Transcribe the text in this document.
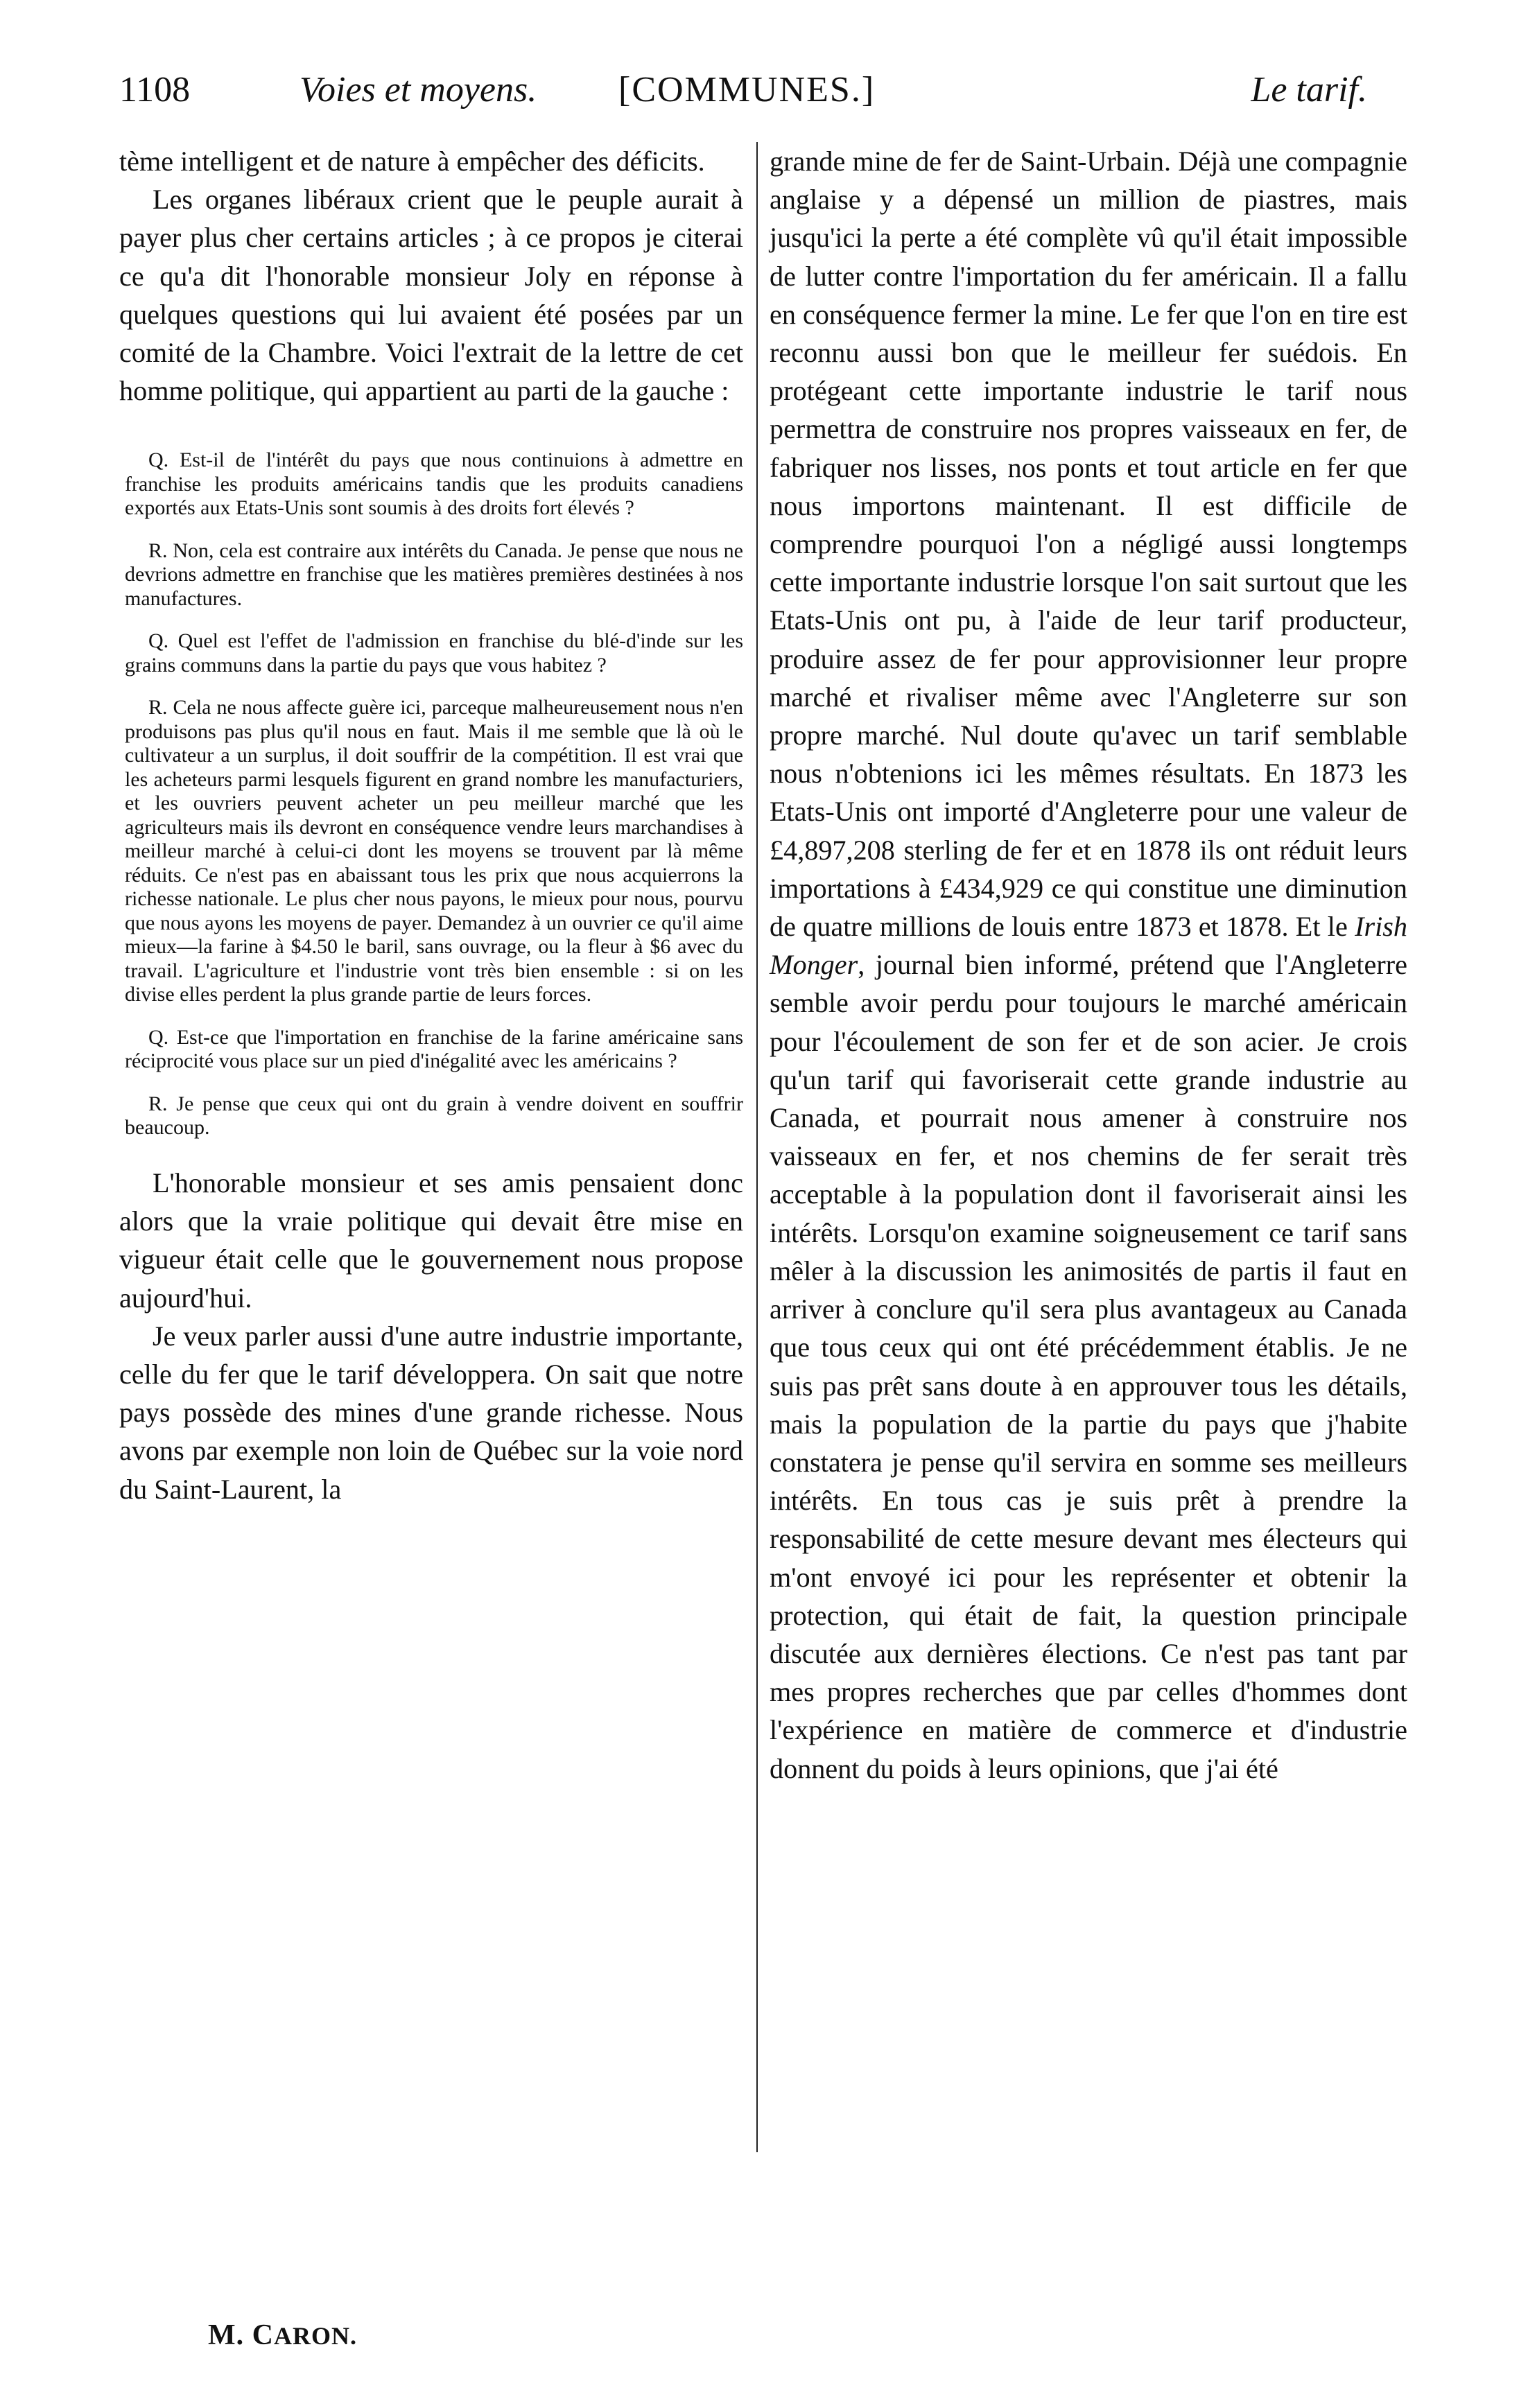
1108	Voies et moyens. [COMMUNES.]	Le tarif.

tème intelligent et de nature à empêcher des déficits.

Les organes libéraux crient que le peuple aurait à payer plus cher certains articles ; à ce propos je citerai ce qu'a dit l'honorable monsieur Joly en réponse à quelques questions qui lui avaient été posées par un comité de la Chambre. Voici l'extrait de la lettre de cet homme politique, qui appartient au parti de la gauche :

Q. Est-il de l'intérêt du pays que nous continuions à admettre en franchise les produits américains tandis que les produits canadiens exportés aux Etats-Unis sont soumis à des droits fort élevés ?

R. Non, cela est contraire aux intérêts du Canada. Je pense que nous ne devrions admettre en franchise que les matières premières destinées à nos manufactures.

Q. Quel est l'effet de l'admission en franchise du blé-d'inde sur les grains communs dans la partie du pays que vous habitez ?

R. Cela ne nous affecte guère ici, parceque malheureusement nous n'en produisons pas plus qu'il nous en faut. Mais il me semble que là où le cultivateur a un surplus, il doit souffrir de la compétition. Il est vrai que les acheteurs parmi lesquels figurent en grand nombre les manufacturiers, et les ouvriers peuvent acheter un peu meilleur marché que les agriculteurs mais ils devront en conséquence vendre leurs marchandises à meilleur marché à celui-ci dont les moyens se trouvent par là même réduits. Ce n'est pas en abaissant tous les prix que nous acquierrons la richesse nationale. Le plus cher nous payons, le mieux pour nous, pourvu que nous ayons les moyens de payer. Demandez à un ouvrier ce qu'il aime mieux—la farine à $4.50 le baril, sans ouvrage, ou la fleur à $6 avec du travail. L'agriculture et l'industrie vont très bien ensemble : si on les divise elles perdent la plus grande partie de leurs forces.

Q. Est-ce que l'importation en franchise de la farine américaine sans réciprocité vous place sur un pied d'inégalité avec les américains ?

R. Je pense que ceux qui ont du grain à vendre doivent en souffrir beaucoup.

L'honorable monsieur et ses amis pensaient donc alors que la vraie politique qui devait être mise en vigueur était celle que le gouvernement nous propose aujourd'hui.

Je veux parler aussi d'une autre industrie importante, celle du fer que le tarif développera. On sait que notre pays possède des mines d'une grande richesse. Nous avons par exemple non loin de Québec sur la voie nord du Saint-Laurent, la

grande mine de fer de Saint-Urbain. Déjà une compagnie anglaise y a dépensé un million de piastres, mais jusqu'ici la perte a été complète vû qu'il était impossible de lutter contre l'importation du fer américain. Il a fallu en conséquence fermer la mine. Le fer que l'on en tire est reconnu aussi bon que le meilleur fer suédois. En protégeant cette importante industrie le tarif nous permettra de construire nos propres vaisseaux en fer, de fabriquer nos lisses, nos ponts et tout article en fer que nous importons maintenant. Il est difficile de comprendre pourquoi l'on a négligé aussi longtemps cette importante industrie lorsque l'on sait surtout que les Etats-Unis ont pu, à l'aide de leur tarif producteur, produire assez de fer pour approvisionner leur propre marché et rivaliser même avec l'Angleterre sur son propre marché. Nul doute qu'avec un tarif semblable nous n'obtenions ici les mêmes résultats. En 1873 les Etats-Unis ont importé d'Angleterre pour une valeur de £4,897,208 sterling de fer et en 1878 ils ont réduit leurs importations à £434,929 ce qui constitue une diminution de quatre millions de louis entre 1873 et 1878. Et le Irish Monger, journal bien informé, prétend que l'Angleterre semble avoir perdu pour toujours le marché américain pour l'écoulement de son fer et de son acier. Je crois qu'un tarif qui favoriserait cette grande industrie au Canada, et pourrait nous amener à construire nos vaisseaux en fer, et nos chemins de fer serait très acceptable à la population dont il favoriserait ainsi les intérêts. Lorsqu'on examine soigneusement ce tarif sans mêler à la discussion les animosités de partis il faut en arriver à conclure qu'il sera plus avantageux au Canada que tous ceux qui ont été précédemment établis. Je ne suis pas prêt sans doute à en approuver tous les détails, mais la population de la partie du pays que j'habite constatera je pense qu'il servira en somme ses meilleurs intérêts. En tous cas je suis prêt à prendre la responsabilité de cette mesure devant mes électeurs qui m'ont envoyé ici pour les représenter et obtenir la protection, qui était de fait, la question principale discutée aux dernières élections. Ce n'est pas tant par mes propres recherches que par celles d'hommes dont l'expérience en matière de commerce et d'industrie donnent du poids à leurs opinions, que j'ai été

M. CARON.
